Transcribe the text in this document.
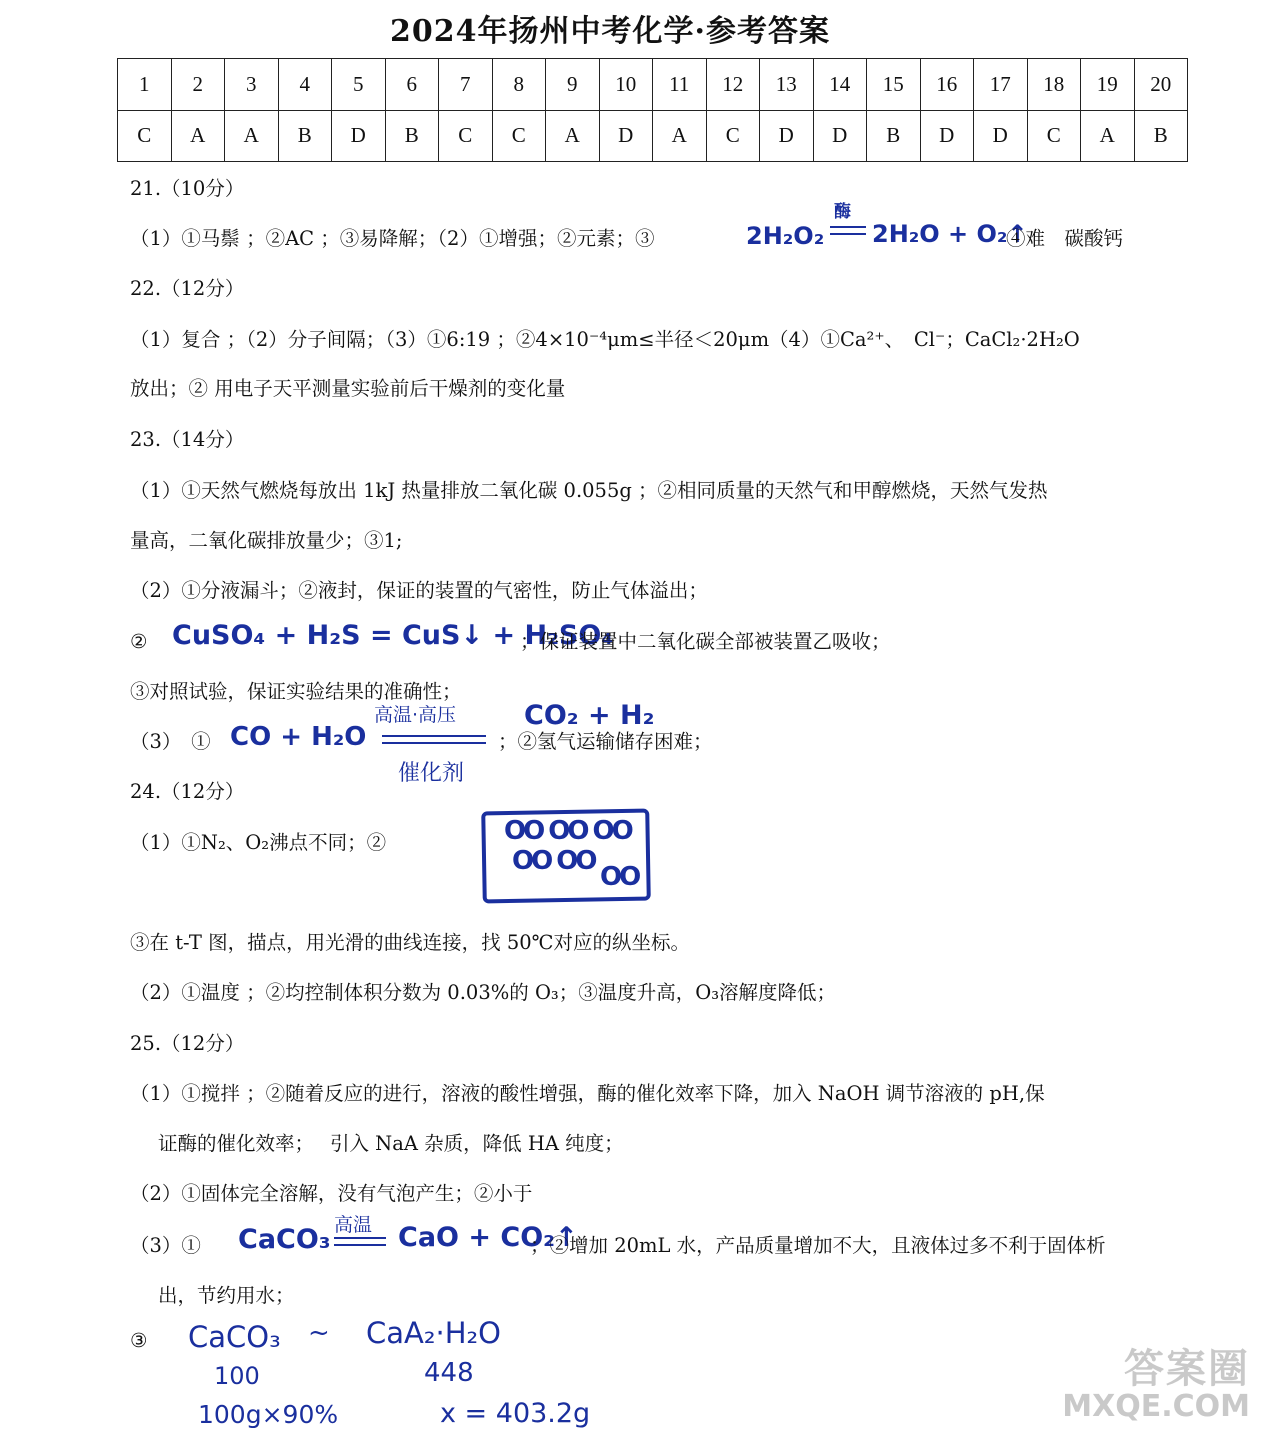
2024年扬州中考化学·参考答案
1	2	3	4	5	6	7	8	9	10	11	12	13	14	15	16	17	18	19	20
C	A	A	B	D	B	C	C	A	D	A	C	D	D	B	D	D	C	A	B
21.（10分）
（1）①马鬃 ；②AC ；③易降解；（2）①增强；②元素；③	2H₂O₂
酶
2H₂O + O₂↑
④难　碳酸钙
22.（12分）
（1）复合 ；（2）分子间隔；（3）①6:19 ；②4×10⁻⁴μm≤半径＜20μm（4）①Ca²⁺、　Cl⁻；CaCl₂·2H₂O
放出；② 用电子天平测量实验前后干燥剂的变化量
23.（14分）
（1）①天然气燃烧每放出 1kJ 热量排放二氧化碳 0.055g ；②相同质量的天然气和甲醇燃烧，天然气发热
量高，二氧化碳排放量少；③1;
（2）①分液漏斗；②液封，保证的装置的气密性，防止气体溢出；
② CuSO₄ + H₂S = CuS↓ + H₂SO₄
；保证装置中二氧化碳全部被装置乙吸收；
③对照试验，保证实验结果的准确性；
（3）　① CO + H₂O
高温·高压
催化剂
CO₂ + H₂
；②氢气运输储存困难；
24.（12分）
（1）①N₂、O₂沸点不同；②	OO OO OO
OO OO
OO
③在 t-T 图，描点，用光滑的曲线连接，找 50℃对应的纵坐标。
（2）①温度 ；②均控制体积分数为 0.03%的 O₃；③温度升高，O₃溶解度降低；
25.（12分）
（1）①搅拌 ；②随着反应的进行，溶液的酸性增强，酶的催化效率下降，加入 NaOH 调节溶液的 pH,保
证酶的催化效率；　 引入 NaA 杂质，降低 HA 纯度；
（2）①固体完全溶解，没有气泡产生；②小于
（3）① CaCO₃ 高温 CaO + CO₂↑
；②增加 20mL 水，产品质量增加不大，且液体过多不利于固体析
出，节约用水；
③ CaCO₃ ~ CaA₂·H₂O
100	448
100g×90%	x = 403.2g
答案圈
MXQE.COM
